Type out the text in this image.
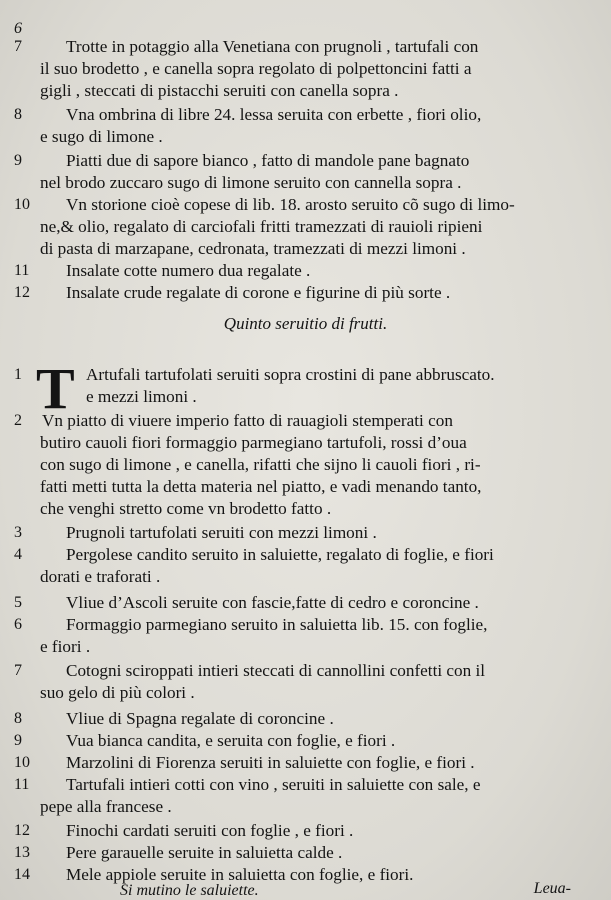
6
7	Trotte in potaggio alla Venetiana con prugnoli , tartufali con
il suo brodetto , e canella sopra regolato di polpettoncini fatti a
gigli , steccati di pistacchi seruiti con canella sopra .
8	Vna ombrina di libre 24. lessa seruita con erbette , fiori olio,
e sugo di limone .
9	Piatti due di sapore bianco , fatto di mandole pane bagnato
nel brodo zuccaro sugo di limone seruito con cannella sopra .
10	Vn storione cioè copese di lib. 18. arosto seruito cõ sugo di limo-
ne,& olio, regalato di carciofali fritti tramezzati di rauioli ripieni
di pasta di marzapane, cedronata, tramezzati di mezzi limoni .
11	Insalate cotte numero dua regalate .
12	Insalate crude regalate di corone e figurine di più sorte .
Quinto seruitio di frutti.
T
1	Artufali tartufolati seruiti sopra crostini di pane abbruscato.
e mezzi limoni .
2	Vn piatto di viuere imperio fatto di rauagioli stemperati con
butiro cauoli fiori formaggio parmegiano tartufoli, rossi d’oua
con sugo di limone , e canella, rifatti che sijno li cauoli fiori , ri-
fatti metti tutta la detta materia nel piatto, e vadi menando tanto,
che venghi stretto come vn brodetto fatto .
3	Prugnoli tartufolati seruiti con mezzi limoni .
4	Pergolese candito seruito in saluiette, regalato di foglie, e fiori
dorati e traforati .
5	Vliue d’Ascoli seruite con fascie,fatte di cedro e coroncine .
6	Formaggio parmegiano seruito in saluietta lib. 15. con foglie,
e fiori .
7	Cotogni sciroppati intieri steccati di cannollini confetti con il
suo gelo di più colori .
8	Vliue di Spagna regalate di coroncine .
9	Vua bianca candita, e seruita con foglie, e fiori .
10	Marzolini di Fiorenza seruiti in saluiette con foglie, e fiori .
11	Tartufali intieri cotti con vino , seruiti in saluiette con sale, e
pepe alla francese .
12	Finochi cardati seruiti con foglie , e fiori .
13	Pere garauelle seruite in saluietta calde .
14	Mele appiole seruite in saluietta con foglie, e fiori.
Si mutino le saluiette.	Leua-
